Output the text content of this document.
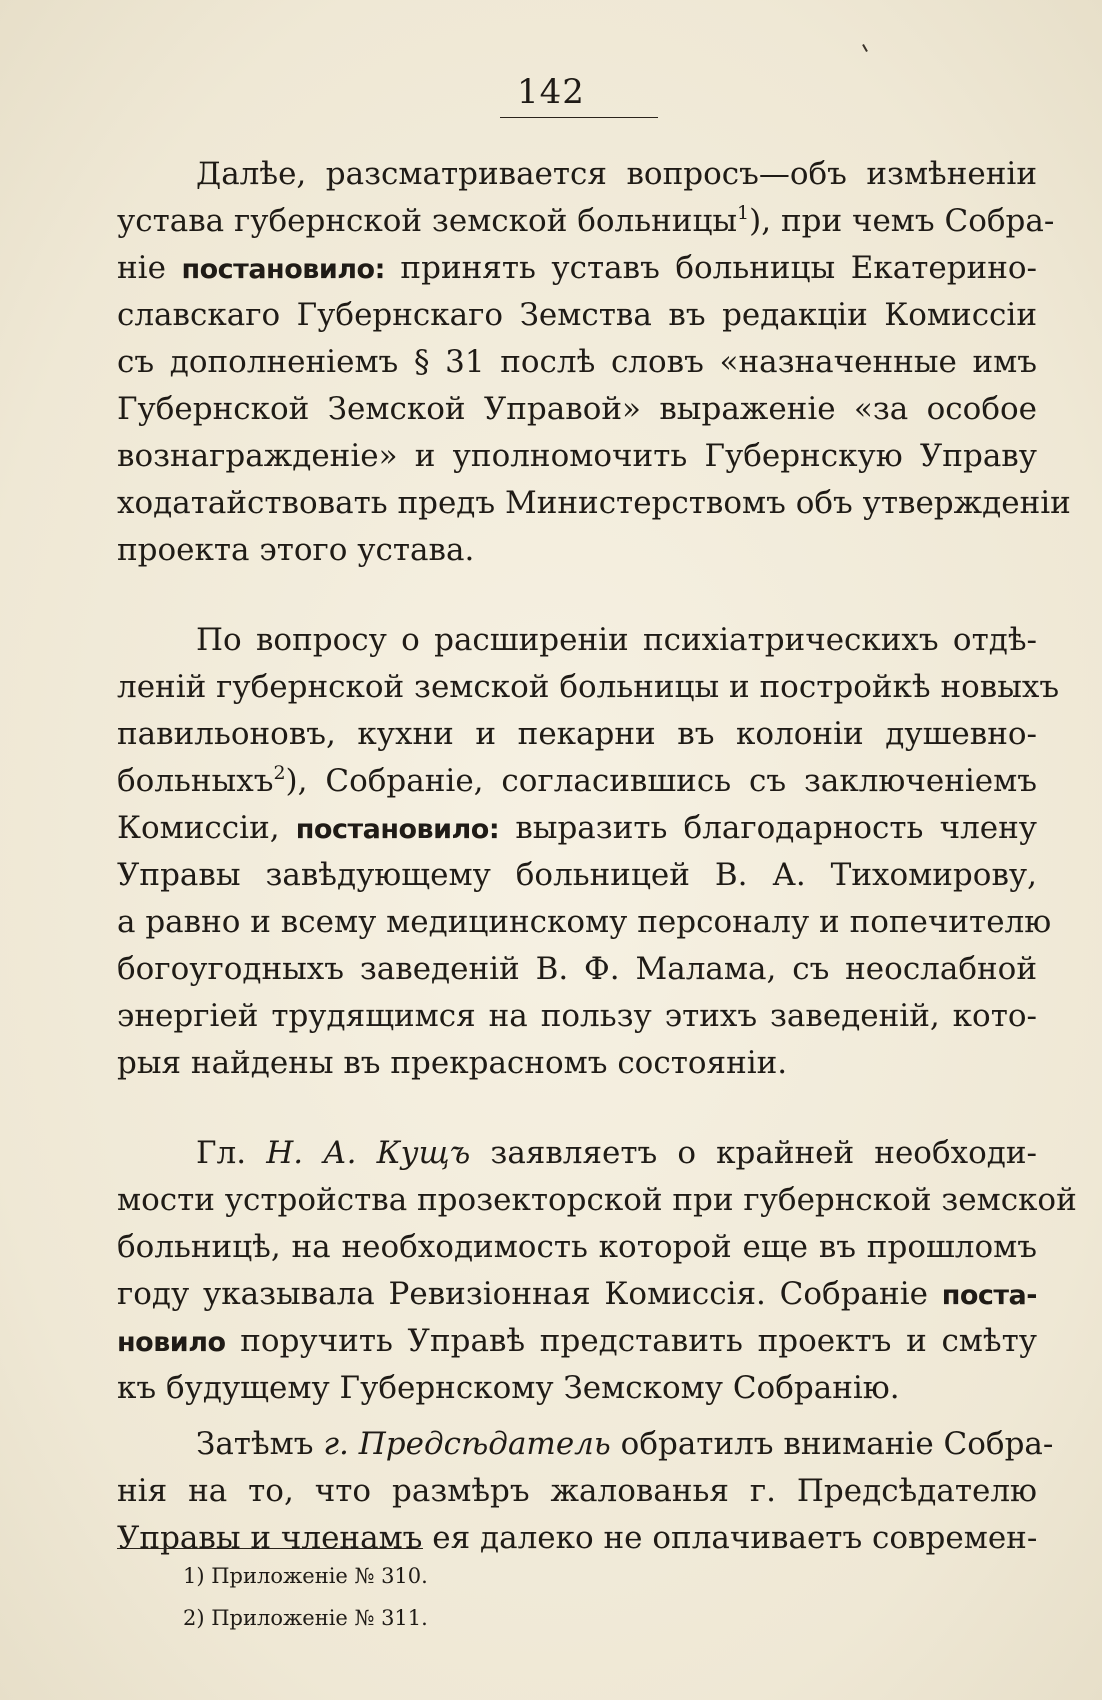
142
Далѣе, разсматривается вопросъ—объ измѣненіи
устава губернской земской больницы$^1$), при чемъ Собра-
ніе постановило: принять уставъ больницы Екатерино-
славскаго Губернскаго Земства въ редакціи Комиссіи
съ дополненіемъ § 31 послѣ словъ «назначенные имъ
Губернской Земской Управой» выраженіе «за особое
вознагражденіе» и уполномочить Губернскую Управу
ходатайствовать предъ Министерствомъ объ утвержденіи
проекта этого устава.
По вопросу о расширеніи психіатрическихъ отдѣ-
леній губернской земской больницы и постройкѣ новыхъ
павильоновъ, кухни и пекарни въ колоніи душевно-
больныхъ$^2$), Собраніе, согласившись съ заключеніемъ
Комиссіи, постановило: выразить благодарность члену
Управы завѣдующему больницей В. А. Тихомирову,
а равно и всему медицинскому персоналу и попечителю
богоугодныхъ заведеній В. Ф. Малама, съ неослабной
энергіей трудящимся на пользу этихъ заведеній, кото-
рыя найдены въ прекрасномъ состояніи.
Гл. Н. А. Кущъ заявляетъ о крайней необходи-
мости устройства прозекторской при губернской земской
больницѣ, на необходимость которой еще въ прошломъ
году указывала Ревизіонная Комиссія. Собраніе поста-
новило поручить Управѣ представить проектъ и смѣту
къ будущему Губернскому Земскому Собранію.
Затѣмъ г. Предсѣдатель обратилъ вниманіе Собра-
нія на то, что размѣръ жалованья г. Предсѣдателю
Управы и членамъ ея далеко не оплачиваетъ современ-
1) Приложеніе № 310.
2) Приложеніе № 311.
